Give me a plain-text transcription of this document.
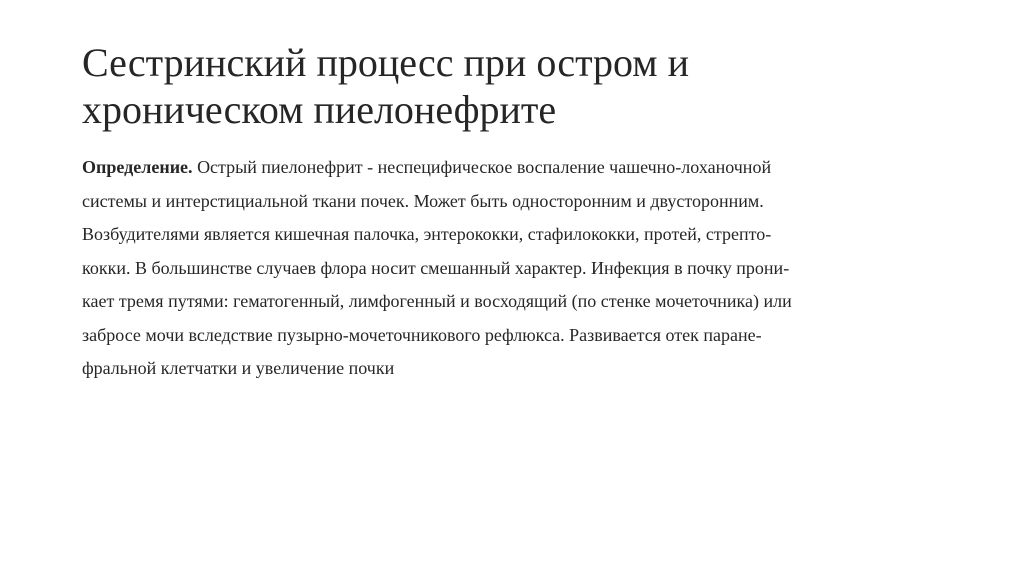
Сестринский процесс при остром и
хроническом пиелонефрите
Определение. Острый пиелонефрит - неспецифическое воспаление чашечно-лоханочной
системы и интерстициальной ткани почек. Может быть односторонним и двусторонним.
Возбудителями является кишечная палочка, энтерококки, стафилококки, протей, стрепто-
кокки. В большинстве случаев флора носит смешанный характер. Инфекция в почку прони-
кает тремя путями: гематогенный, лимфогенный и восходящий (по стенке мочеточника) или
забросе мочи вследствие пузырно-мочеточникового рефлюкса. Развивается отек паране-
фральной клетчатки и увеличение почки
